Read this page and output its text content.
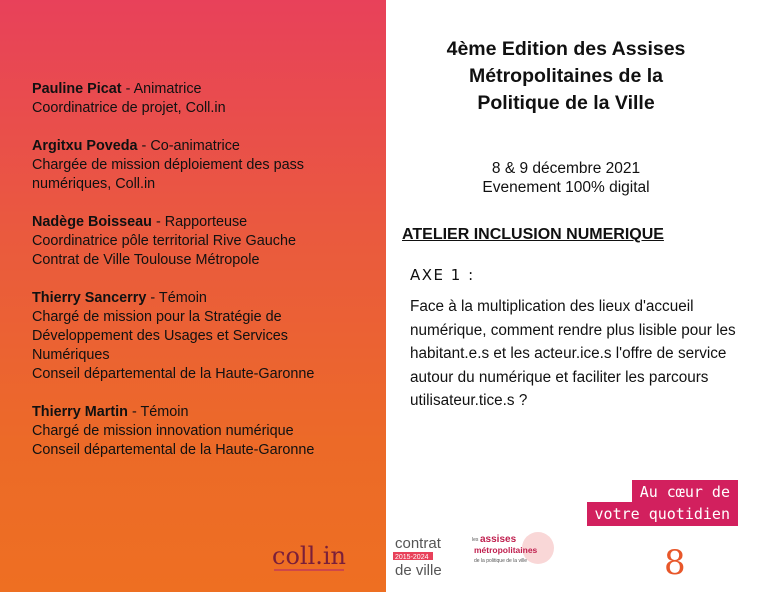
Pauline Picat - Animatrice
Coordinatrice de projet, Coll.in
Argitxu Poveda - Co-animatrice
Chargée de mission déploiement des pass
numériques, Coll.in
Nadège Boisseau - Rapporteuse
Coordinatrice pôle territorial Rive Gauche
Contrat de Ville Toulouse Métropole
Thierry Sancerry - Témoin
Chargé de mission pour la Stratégie de
Développement des Usages et Services
Numériques
Conseil départemental de la Haute-Garonne
Thierry Martin - Témoin
Chargé de mission innovation numérique
Conseil départemental de la Haute-Garonne
coll.in
4ème Edition des Assises
Métropolitaines de la
Politique de la Ville
8 & 9 décembre 2021
Evenement 100% digital
ATELIER INCLUSION NUMERIQUE
AXE 1 :
Face à la multiplication des lieux d'accueil numérique, comment rendre plus lisible pour les habitant.e.s et les acteur.ice.s l'offre de service autour du numérique et faciliter les parcours utilisateur.tice.s ?
Au cœur de
votre quotidien
contrat
2015-2024
de ville
les assises
métropolitaines
de la politique de la ville	8
